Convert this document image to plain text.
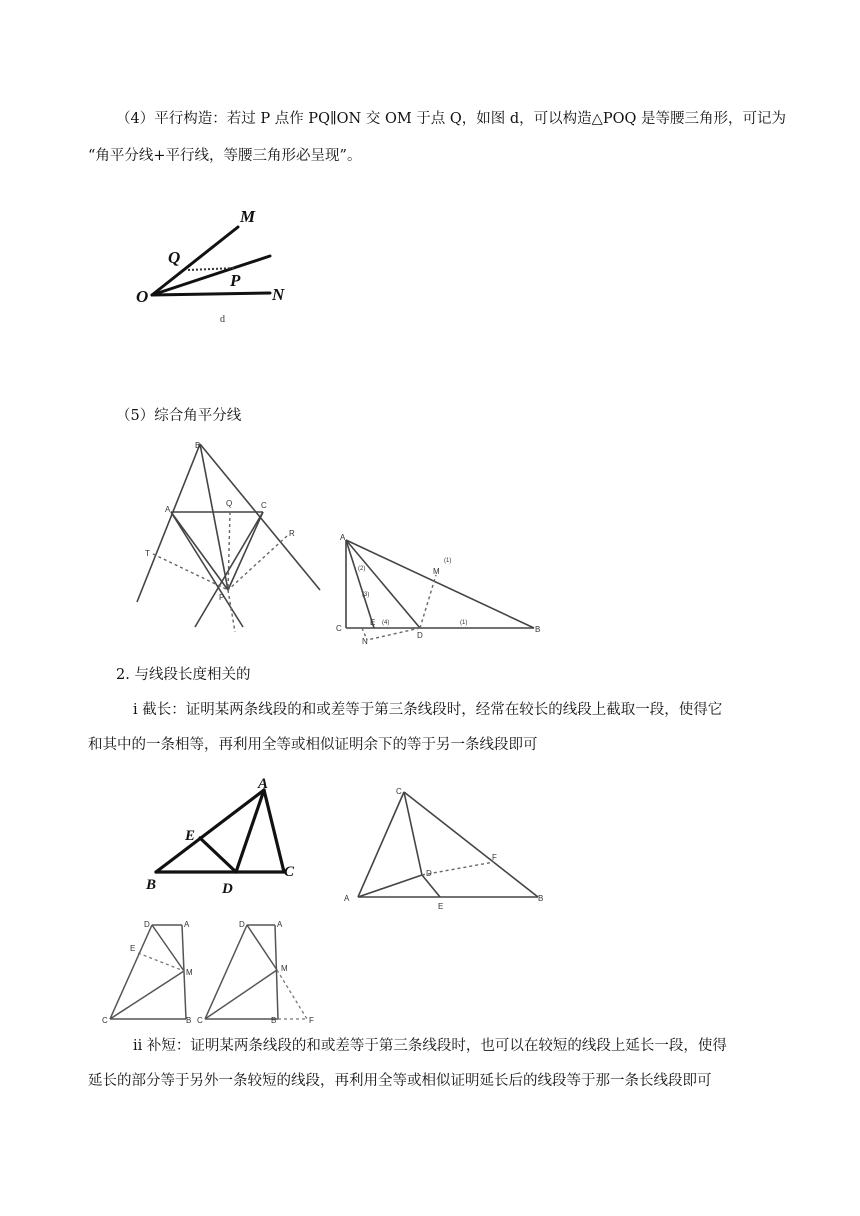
（4）平行构造：若过 P 点作 PQ∥ON 交 OM 于点 Q，如图 d，可以构造△POQ 是等腰三角形，可记为
“角平分线+平行线，等腰三角形必呈现”。
M
Q
P
O	N
d
（5）综合角平分线
B
A
Q	C
T
R
P
A
C
E
N
D
B
M
(1)
(2)
(3)
(4)	(1)
2. 与线段长度相关的
ⅰ 截长：证明某两条线段的和或差等于第三条线段时，经常在较长的线段上截取一段，使得它
和其中的一条相等，再利用全等或相似证明余下的等于另一条线段即可
A
E
B	D
C
C
F
D
A
E
B
D	A
E
M
C	B
D	A
M
C	B	F
ⅱ 补短：证明某两条线段的和或差等于第三条线段时，也可以在较短的线段上延长一段，使得
延长的部分等于另外一条较短的线段，再利用全等或相似证明延长后的线段等于那一条长线段即可
